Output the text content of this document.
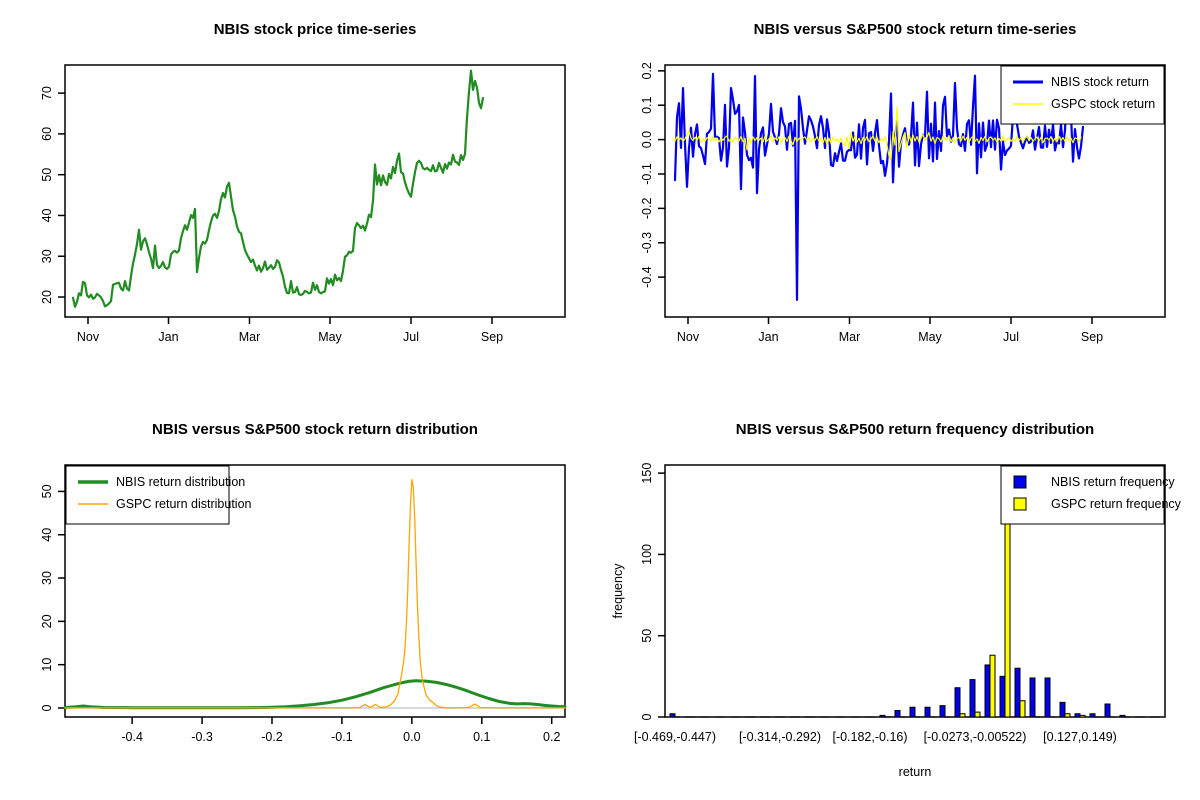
NBIS stock price time-series
Nov	Jan	Mar	May	Jul	Sep
20
30
40
50
60
70
NBIS versus S&P500 stock return time-series
Nov	Jan	Mar	May	Jul	Sep
0.2
0.1
0.0
-0.1
-0.2
-0.3
-0.4
NBIS stock return
GSPC stock return
NBIS versus S&P500 stock return distribution
-0.4	-0.3	-0.2	-0.1	0.0	0.1	0.2
0
10
20
30
40
50
NBIS return distribution
GSPC return distribution
NBIS versus S&P500 return frequency distribution
0
50
100
150
frequency
[-0.469,-0.447) [-0.314,-0.292) [-0.182,-0.16) [-0.0273,-0.00522) [0.127,0.149)
return
NBIS return frequency
GSPC return frequency
